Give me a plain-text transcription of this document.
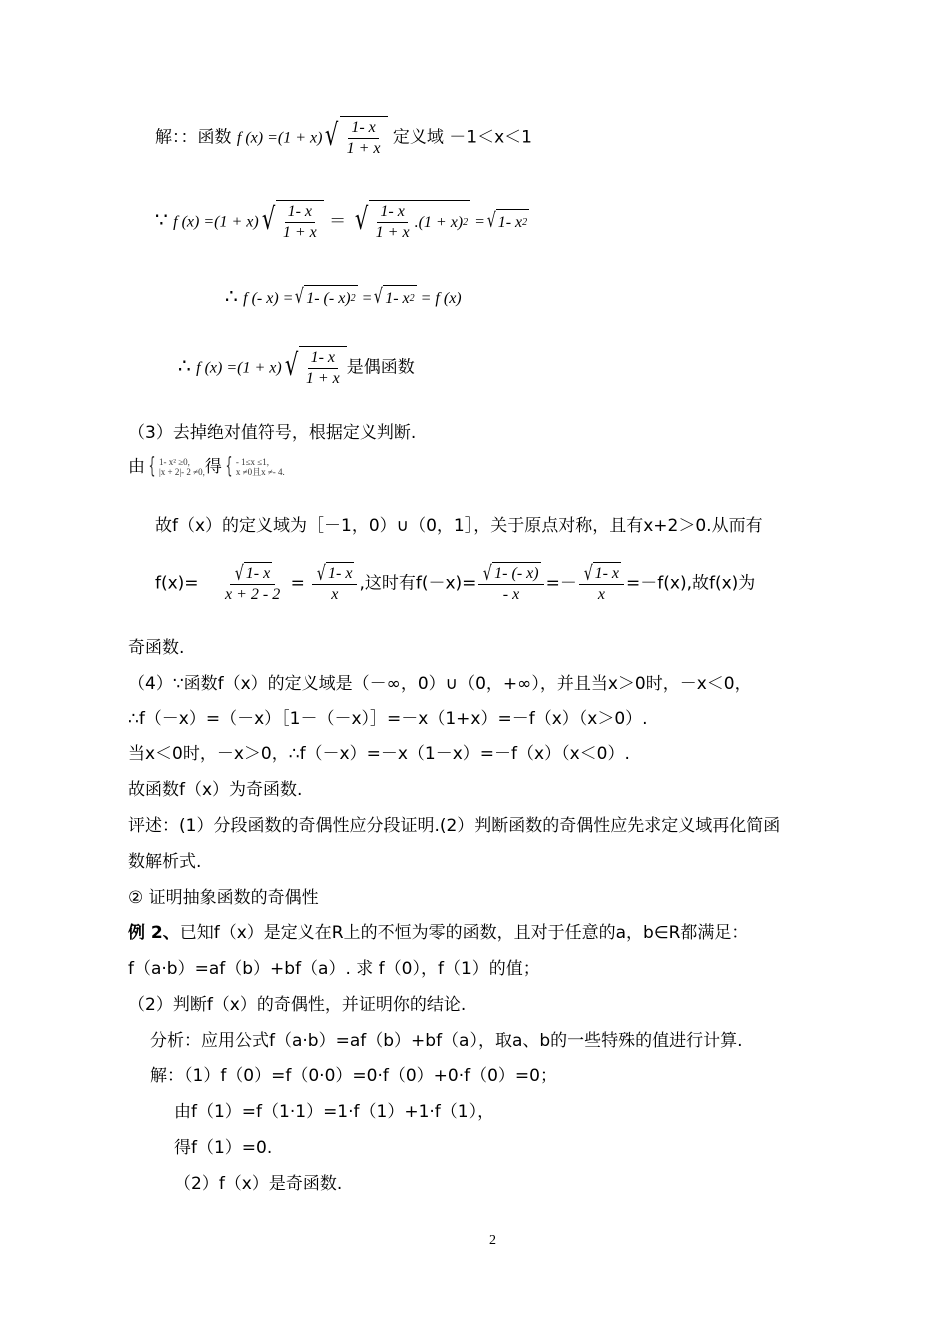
解：：函数 f (x) =(1 + x) √ $\frac{1- x}{1 + x}$ 定义域 －1＜x＜1
∵ f (x) =(1 + x) √ $\frac{1- x}{1 + x}$ ＝ √ $\frac{1- x}{1 + x} .(1 + x) 2$ = √ 1- x 2
∴ f (- x) = √ 1- (- x) 2 = √ 1- x 2 = f (x)
∴ f (x) =(1 + x) √ $\frac{1- x}{1 + x}$ 是偶函数
（3）去掉绝对值符号，根据定义判断.
由 { 1- x² ≥0,
|x + 2|- 2 ≠0,得 { - 1≤x ≤1,
x ≠0且x ≠- 4.
故f（x）的定义域为［－1，0）∪（0，1］，关于原点对称，且有x+2＞0.从而有
$f(x)= \frac{√ 1- x}{x + 2 - 2} = \frac{√ 1- x}{x}$ ,这时有$f(-x)= \frac{√ 1- (- x)}{- x} =- \frac{√ 1- x}{x} =-f(x)$,故f(x)为
奇函数.
（4）∵函数f（x）的定义域是（－∞，0）∪（0，+∞），并且当x＞0时，－x＜0，
∴f（－x）=（－x）［1－（－x）］=－x（1+x）=－f（x）（x＞0）.
当x＜0时，－x＞0，∴f（－x）=－x（1－x）=－f（x）（x＜0）.
故函数f（x）为奇函数.
评述：(1）分段函数的奇偶性应分段证明.(2）判断函数的奇偶性应先求定义域再化简函
数解析式.
② 证明抽象函数的奇偶性
例 2、已知f（x）是定义在R上的不恒为零的函数，且对于任意的a，b∈R都满足：
f（a·b）=af（b）+bf（a）. 求 f（0），f（1）的值；
（2）判断f（x）的奇偶性，并证明你的结论.
分析：应用公式f（a·b）=af（b）+bf（a），取a、b的一些特殊的值进行计算.
解：（1）f（0）=f（0·0）=0·f（0）+0·f（0）=0；
由f（1）=f（1·1）=1·f（1）+1·f（1），
得f（1）=0.
（2）f（x）是奇函数.
2
